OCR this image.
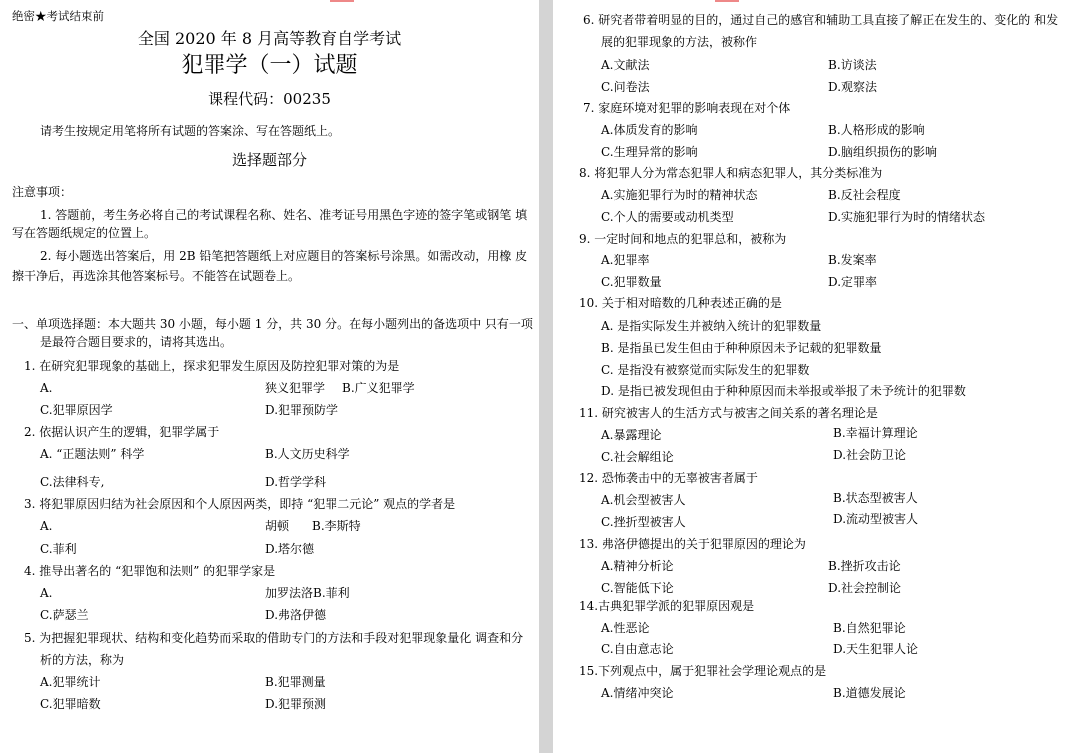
绝密★考试结束前
全国 2020 年 8 月高等教育自学考试
犯罪学（一）试题
课程代码：00235
请考生按规定用笔将所有试题的答案涂、写在答题纸上。
选择题部分
注意事项：
1. 答题前，考生务必将自己的考试课程名称、姓名、准考证号用黑色字迹的签字笔或钢笔 填
写在答题纸规定的位置上。
2. 每小题选出答案后，用 2B 铅笔把答题纸上对应题目的答案标号涂黑。如需改动，用橡 皮
擦干净后，再选涂其他答案标号。不能答在试题卷上。
一、单项选择题：本大题共 30 小题，每小题 1 分，共 30 分。在每小题列出的备选项中 只有一项
是最符合题目要求的，请将其选出。
1. 在研究犯罪现象的基础上，探求犯罪发生原因及防控犯罪对策的为是
A.	狭义犯罪学 B.广义犯罪学
C.犯罪原因学	D.犯罪预防学
2. 依据认识产生的逻辑，犯罪学属于
A. “正题法则” 科学	B.人文历史科学
C.法律科专,	D.哲学学科
3. 将犯罪原因归结为社会原因和个人原因两类，即持 “犯罪二元论” 观点的学者是
A.	胡顿 B.李斯特
C.菲利	D.塔尔德
4. 推导出著名的 “犯罪饱和法则” 的犯罪学家是
A.	加罗法洛 B.菲利
C.萨瑟兰	D.弗洛伊德
5. 为把握犯罪现状、结构和变化趋势而采取的借助专门的方法和手段对犯罪现象量化 调查和分
析的方法，称为
A.犯罪统计	B.犯罪测量
C.犯罪暗数	D.犯罪预测
6. 研究者带着明显的目的，通过自己的感官和辅助工具直接了解正在发生的、变化的 和发
展的犯罪现象的方法，被称作
A.文献法	B.访谈法
C.问卷法	D.观察法
7. 家庭环境对犯罪的影响表现在对个体
A.体质发育的影响	B.人格形成的影响
C.生理异常的影响	D.脑组织损伤的影响
8. 将犯罪人分为常态犯罪人和病态犯罪人，其分类标准为
A.实施犯罪行为时的精神状态	B.反社会程度
C.个人的需要或动机类型	D.实施犯罪行为时的情绪状态
9. 一定时间和地点的犯罪总和，被称为
A.犯罪率	B.发案率
C.犯罪数量	D.定罪率
10. 关于相对暗数的几种表述正确的是
A. 是指实际发生并被纳入统计的犯罪数量
B. 是指虽已发生但由于种种原因未予记载的犯罪数量
C. 是指没有被察觉而实际发生的犯罪数
D. 是指已被发现但由于种种原因而未举报或举报了未予统计的犯罪数
11. 研究被害人的生活方式与被害之间关系的著名理论是
A.暴露理论	B.幸福计算理论
C.社会解组论	D.社会防卫论
12. 恐怖袭击中的无辜被害者属于
A.机会型被害人	B.状态型被害人
C.挫折型被害人	D.流动型被害人
13. 弗洛伊德提出的关于犯罪原因的理论为
A.精神分析论	B.挫折攻击论
C.智能低下论	D.社会控制论
14.古典犯罪学派的犯罪原因观是
A.性恶论	B.自然犯罪论
C.自由意志论	D.天生犯罪人论
15.下列观点中，属于犯罪社会学理论观点的是
A.情绪冲突论	B.道德发展论
